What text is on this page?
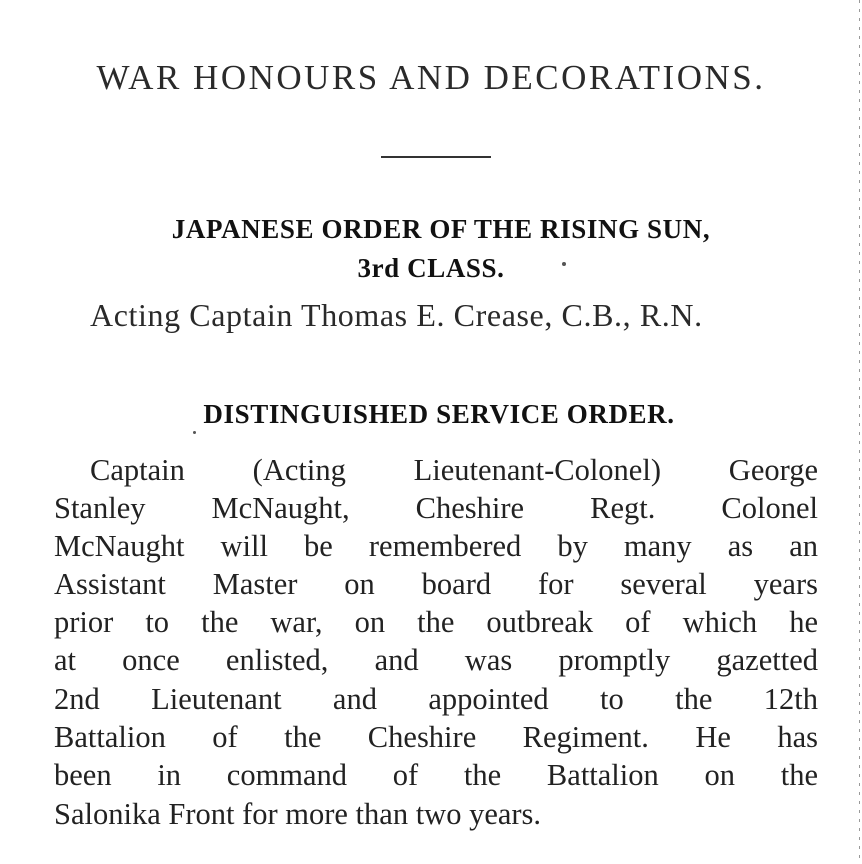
WAR HONOURS AND DECORATIONS.
JAPANESE ORDER OF THE RISING SUN,
3rd CLASS.

Acting Captain Thomas E. Crease, C.B., R.N.

DISTINGUISHED SERVICE ORDER.

Captain (Acting Lieutenant-Colonel) George

Stanley McNaught, Cheshire Regt. Colonel

McNaught will be remembered by many as an

Assistant Master on board for several years

prior to the war, on the outbreak of which he

at once enlisted, and was promptly gazetted

2nd Lieutenant and appointed to the 12th

Battalion of the Cheshire Regiment. He has

been in command of the Battalion on the

Salonika Front for more than two years.
